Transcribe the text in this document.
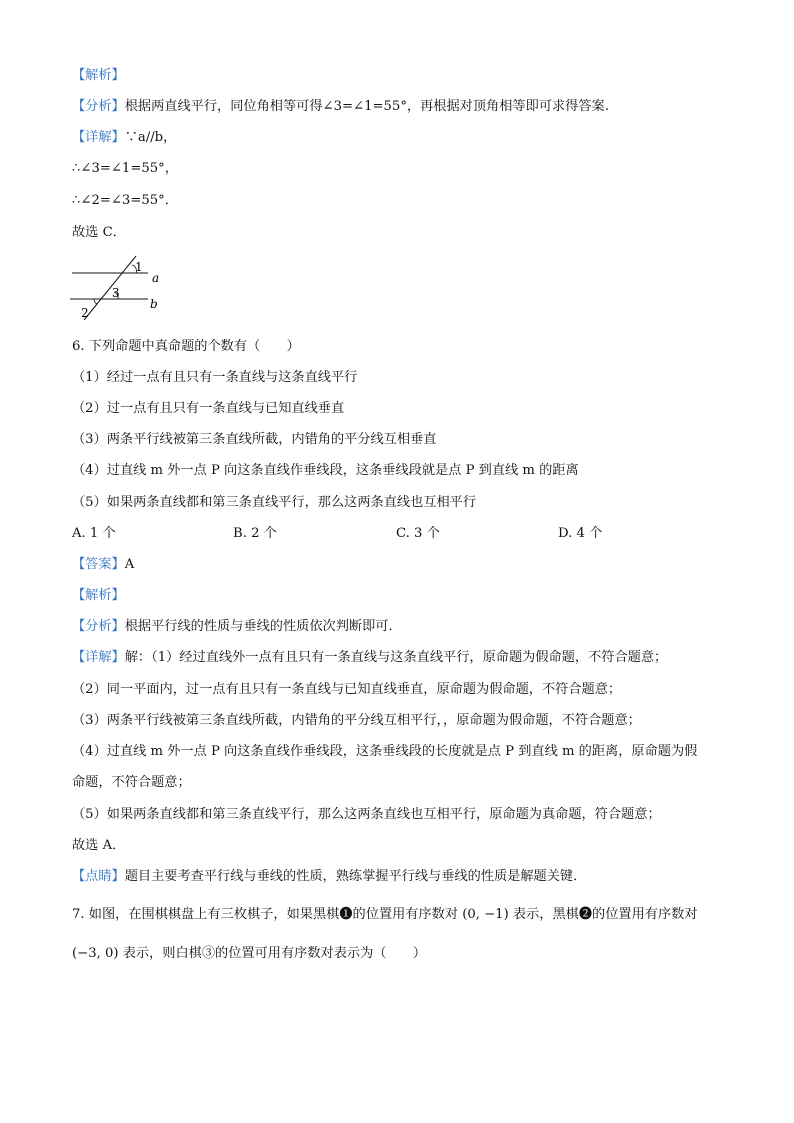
【解析】
【分析】根据两直线平行，同位角相等可得∠3=∠1=55°，再根据对顶角相等即可求得答案.
【详解】∵a//b，
∴∠3=∠1=55°，
∴∠2=∠3=55°．
故选 C．
1
a
3
b
2
6. 下列命题中真命题的个数有（　　）
（1）经过一点有且只有一条直线与这条直线平行
（2）过一点有且只有一条直线与已知直线垂直
（3）两条平行线被第三条直线所截，内错角的平分线互相垂直
（4）过直线 m 外一点 P 向这条直线作垂线段，这条垂线段就是点 P 到直线 m 的距离
（5）如果两条直线都和第三条直线平行，那么这两条直线也互相平行
A. 1 个	B. 2 个	C. 3 个	D. 4 个
【答案】A
【解析】
【分析】根据平行线的性质与垂线的性质依次判断即可．
【详解】解：（1）经过直线外一点有且只有一条直线与这条直线平行，原命题为假命题，不符合题意；
（2）同一平面内，过一点有且只有一条直线与已知直线垂直，原命题为假命题，不符合题意；
（3）两条平行线被第三条直线所截，内错角的平分线互相平行，，原命题为假命题，不符合题意；
（4）过直线 m 外一点 P 向这条直线作垂线段，这条垂线段的长度就是点 P 到直线 m 的距离，原命题为假
命题，不符合题意；
（5）如果两条直线都和第三条直线平行，那么这两条直线也互相平行，原命题为真命题，符合题意；
故选 A．
【点睛】题目主要考查平行线与垂线的性质，熟练掌握平行线与垂线的性质是解题关键．
7. 如图，在围棋棋盘上有三枚棋子，如果黑棋❶的位置用有序数对 (0, −1) 表示，黑棋❷的位置用有序数对
(−3, 0) 表示，则白棋③的位置可用有序数对表示为（　　）
